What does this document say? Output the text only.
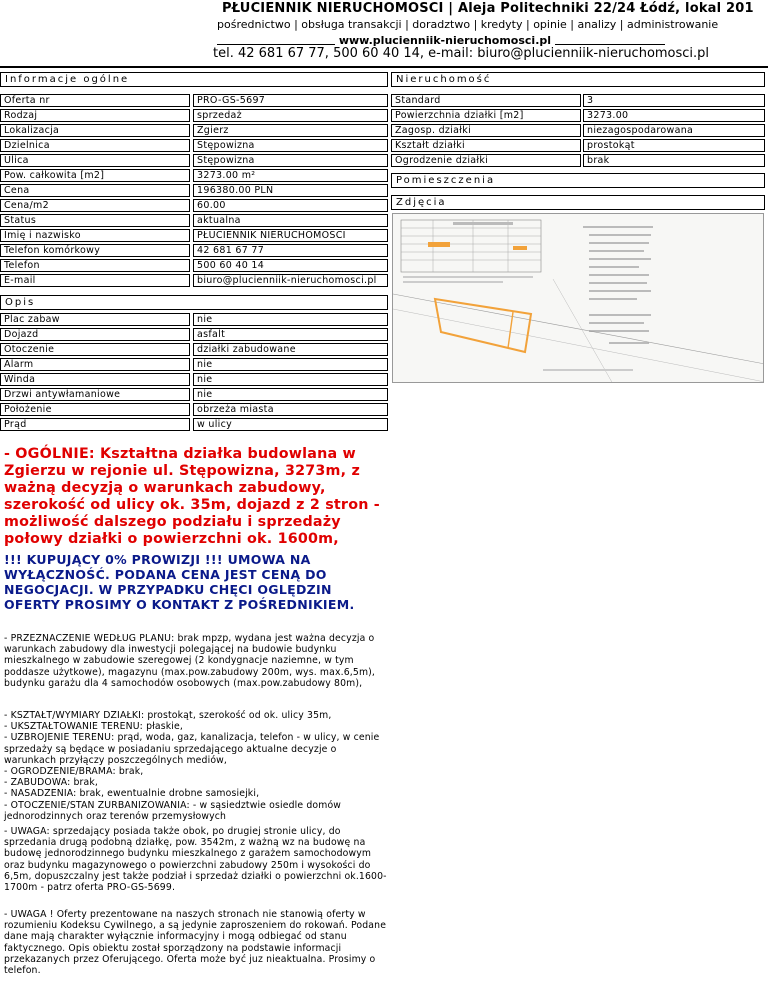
PŁUCIENNIK NIERUCHOMOŚCI | Aleja Politechniki 22/24 Łódź, lokal 201
pośrednictwo | obsługa transakcji | doradztwo | kredyty | opinie | analizy | administrowanie
www.plucienniik-nieruchomosci.pl
tel. 42 681 67 77, 500 60 40 14, e-mail: biuro@plucienniik-nieruchomosci.pl
Informacje ogólne	Nieruchomość
Pomieszczenia
Zdjęcia
Opis
Oferta nr	PRO-GS-5697
Rodzaj	sprzedaż
Lokalizacja	Zgierz
Dzielnica	Stępowizna
Ulica	Stępowizna
Pow. całkowita [m2]	3273.00 m²
Cena	196380.00 PLN
Cena/m2	60.00
Status	aktualna
Imię i nazwisko	PŁUCIENNIK NIERUCHOMOŚCI
Telefon komórkowy	42 681 67 77
Telefon	500 60 40 14
E-mail	biuro@plucienniik-nieruchomosci.pl
Standard	3
Powierzchnia działki [m2]	3273.00
Zagosp. działki	niezagospodarowana
Kształt działki	prostokąt
Ogrodzenie działki	brak
Plac zabaw	nie
Dojazd	asfalt
Otoczenie	działki zabudowane
Alarm	nie
Winda	nie
Drzwi antywłamaniowe	nie
Położenie	obrzeża miasta
Prąd	w ulicy
- OGÓLNIE: Kształtna działka budowlana w Zgierzu w rejonie ul. Stępowizna, 3273m, z ważną decyzją o warunkach zabudowy, szerokość od ulicy ok. 35m, dojazd z 2 stron - możliwość dalszego podziału i sprzedaży połowy działki o powierzchni ok. 1600m,
!!! KUPUJĄCY 0% PROWIZJI !!! UMOWA NA WYŁĄCZNOŚĆ. PODANA CENA JEST CENĄ DO NEGOCJACJI. W PRZYPADKU CHĘCI OGLĘDZIN OFERTY PROSIMY O KONTAKT Z POŚREDNIKIEM.
- PRZEZNACZENIE WEDŁUG PLANU: brak mpzp, wydana jest ważna decyzja o warunkach zabudowy dla inwestycji polegającej na budowie budynku mieszkalnego w zabudowie szeregowej (2 kondygnacje naziemne, w tym poddasze użytkowe), magazynu (max.pow.zabudowy 200m, wys. max.6,5m), budynku garażu dla 4 samochodów osobowych (max.pow.zabudowy 80m),
- KSZTAŁT/WYMIARY DZIAŁKI: prostokąt, szerokość od ok. ulicy 35m,
- UKSZTAŁTOWANIE TERENU: płaskie,
- UZBROJENIE TERENU: prąd, woda, gaz, kanalizacja, telefon - w ulicy, w cenie sprzedaży są będące w posiadaniu sprzedającego aktualne decyzje o warunkach przyłączy poszczególnych mediów,
- OGRODZENIE/BRAMA: brak,
- ZABUDOWA: brak,
- NASADZENIA: brak, ewentualnie drobne samosiejki,
- OTOCZENIE/STAN ZURBANIZOWANIA: - w sąsiedztwie osiedle domów jednorodzinnych oraz terenów przemysłowych
- UWAGA: sprzedający posiada także obok, po drugiej stronie ulicy, do sprzedania drugą podobną działkę, pow. 3542m, z ważną wz na budowę na budowę jednorodzinnego budynku mieszkalnego z garażem samochodowym oraz budynku magazynowego o powierzchni zabudowy 250m i wysokości do 6,5m, dopuszczalny jest także podział i sprzedaż działki o powierzchni ok.1600-1700m - patrz oferta PRO-GS-5699.
- UWAGA ! Oferty prezentowane na naszych stronach nie stanowią oferty w rozumieniu Kodeksu Cywilnego, a są jedynie zaproszeniem do rokowań. Podane dane mają charakter wyłącznie informacyjny i mogą odbiegać od stanu faktycznego. Opis obiektu został sporządzony na podstawie informacji przekazanych przez Oferującego. Oferta może być juz nieaktualna. Prosimy o telefon.
